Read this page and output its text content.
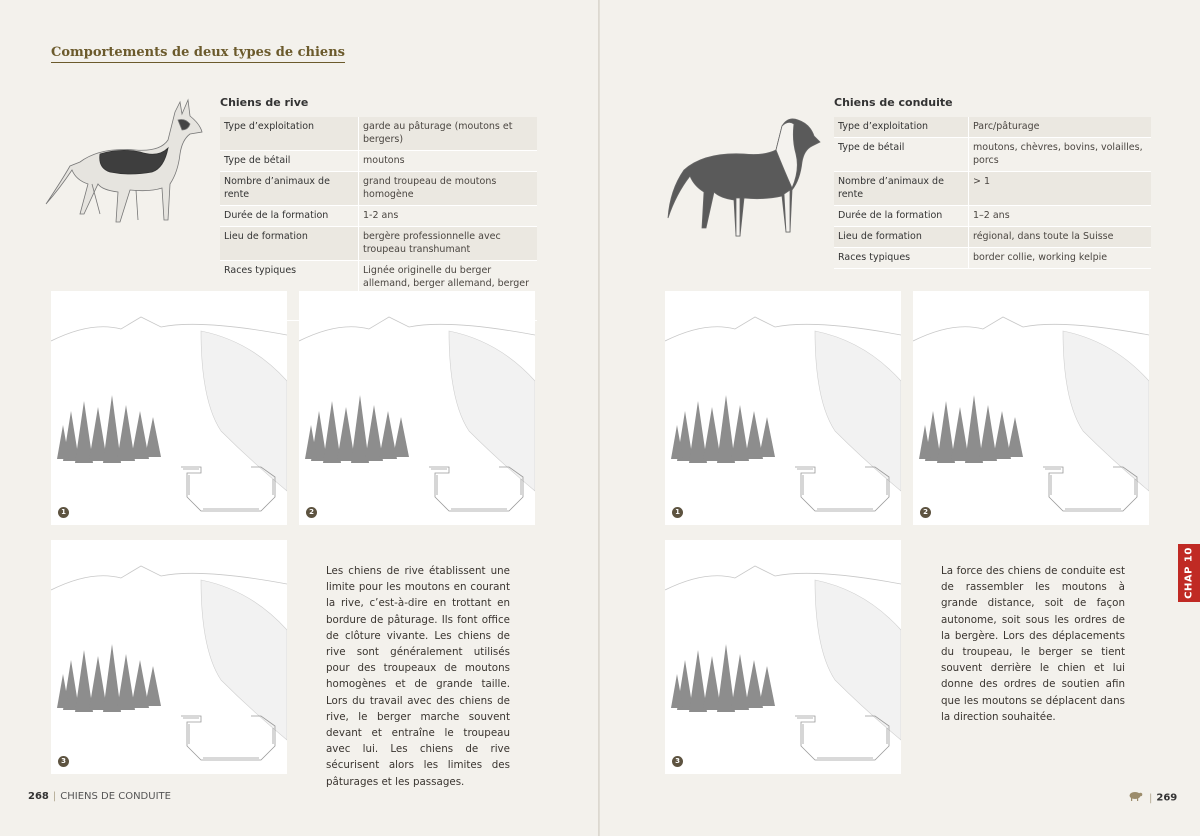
Comportements de deux types de chiens
Chiens de rive
Type d’exploitation	garde au pâturage (moutons et bergers)
Type de bétail	moutons
Nombre d’animaux de rente	grand troupeau de moutons homogène
Durée de la formation	1-2 ans
Lieu de formation	bergère professionnelle avec troupeau transhumant
Races typiques	Lignée originelle du berger allemand, berger allemand, berger
1	2
3
Les chiens de rive établissent une limite pour les moutons en courant la rive, c’est-à-dire en trottant en bordure de pâturage. Ils font office de clôture vivante. Les chiens de rive sont généralement utilisés pour des troupeaux de moutons homogènes et de grande taille. Lors du travail avec des chiens de rive, le berger marche souvent devant et entraîne le troupeau avec lui. Les chiens de rive sécurisent alors les limites des pâturages et les passages.
268 | CHIENS DE CONDUITE
Chiens de conduite
Type d’exploitation	Parc/pâturage
Type de bétail	moutons, chèvres, bovins, volailles, porcs
Nombre d’animaux de rente	> 1
Durée de la formation	1–2 ans
Lieu de formation	régional, dans toute la Suisse
Races typiques	border collie, working kelpie
1	2
3
La force des chiens de conduite est de rassembler les moutons à grande distance, soit de façon autonome, soit sous les ordres de la bergère. Lors des déplacements du troupeau, le berger se tient souvent derrière le chien et lui donne des ordres de soutien afin que les moutons se déplacent dans la direction souhaitée.
| 269
CHAP 10
